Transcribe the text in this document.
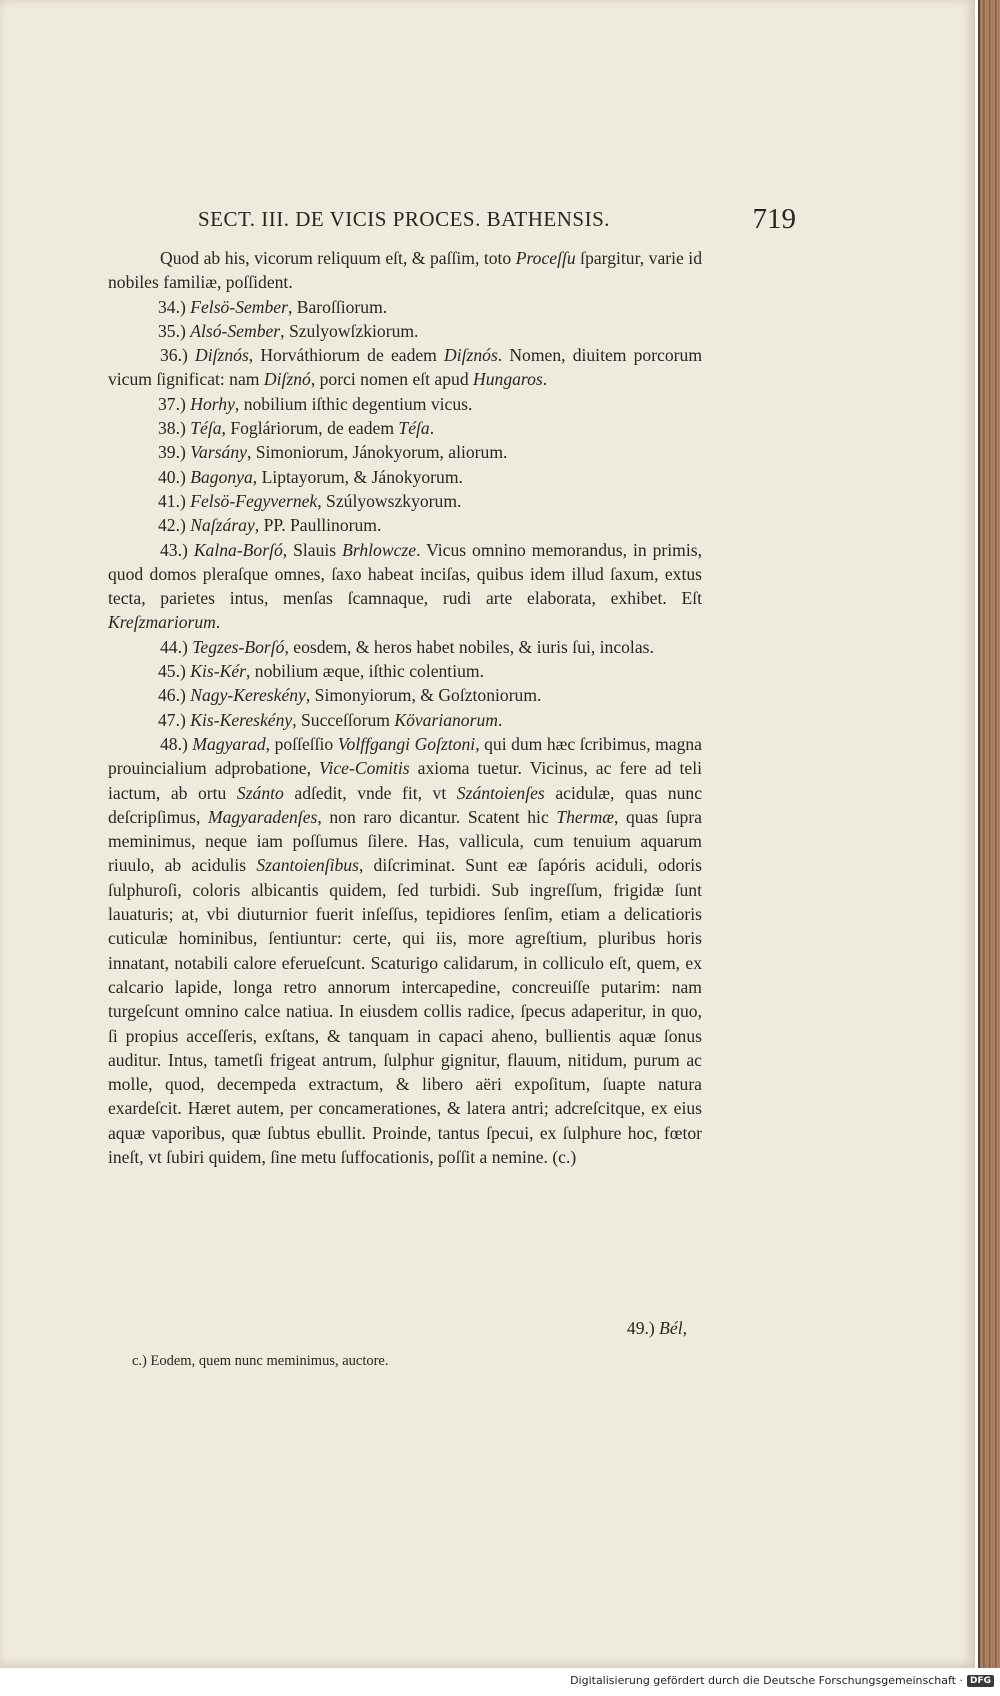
SECT. III. DE VICIS PROCES. BATHENSIS.	719

Quod ab his, vicorum reliquum eſt, & paſſim, toto Proceſſu ſpargitur, varie id nobiles familiæ, poſſident.

34.) Felsö-Sember, Baroſſiorum.

35.) Alsó-Sember, Szulyowſzkiorum.

36.) Diſznós, Horváthiorum de eadem Diſznós. Nomen, diuitem porcorum vicum ſignificat: nam Diſznó, porci nomen eſt apud Hungaros.

37.) Horhy, nobilium iſthic degentium vicus.

38.) Téſa, Fogláriorum, de eadem Téſa.

39.) Varsány, Simoniorum, Jánokyorum, aliorum.

40.) Bagonya, Liptayorum, & Jánokyorum.

41.) Felsö-Fegyvernek, Szúlyowszkyorum.

42.) Naſzáray, PP. Paullinorum.

43.) Kalna-Borſó, Slauis Brhlowcze. Vicus omnino memorandus, in primis, quod domos pleraſque omnes, ſaxo habeat inciſas, quibus idem illud ſaxum, extus tecta, parietes intus, menſas ſcamnaque, rudi arte elaborata, exhibet. Eſt Kreſzmariorum.

44.) Tegzes-Borſó, eosdem, & heros habet nobiles, & iuris ſui, incolas.

45.) Kis-Kér, nobilium æque, iſthic colentium.

46.) Nagy-Kereskény, Simonyiorum, & Goſztoniorum.

47.) Kis-Kereskény, Succeſſorum Kövarianorum.

48.) Magyarad, poſſeſſio Volffgangi Goſztoni, qui dum hæc ſcribimus, magna prouincialium adprobatione, Vice-Comitis axioma tuetur. Vicinus, ac fere ad teli iactum, ab ortu Szánto adſedit, vnde fit, vt Szántoienſes acidulæ, quas nunc deſcripſimus, Magyaradenſes, non raro dicantur. Scatent hic Thermæ, quas ſupra meminimus, neque iam poſſumus ſilere. Has, vallicula, cum tenuium aquarum riuulo, ab acidulis Szantoienſibus, diſcriminat. Sunt eæ ſapóris aciduli, odoris ſulphuroſi, coloris albicantis quidem, ſed turbidi. Sub ingreſſum, frigidæ ſunt lauaturis; at, vbi diuturnior fuerit inſeſſus, tepidiores ſenſim, etiam a delicatioris cuticulæ hominibus, ſentiuntur: certe, qui iis, more agreſtium, pluribus horis innatant, notabili calore eferueſcunt. Scaturigo calidarum, in colliculo eſt, quem, ex calcario lapide, longa retro annorum intercapedine, concreuiſſe putarim: nam turgeſcunt omnino calce natiua. In eiusdem collis radice, ſpecus adaperitur, in quo, ſi propius acceſſeris, exſtans, & tanquam in capaci aheno, bullientis aquæ ſonus auditur. Intus, tametſi frigeat antrum, ſulphur gignitur, flauum, nitidum, purum ac molle, quod, decempeda extractum, & libero aëri expoſitum, ſuapte natura exardeſcit. Hæret autem, per concamerationes, & latera antri; adcreſcitque, ex eius aquæ vaporibus, quæ ſubtus ebullit. Proinde, tantus ſpecui, ex ſulphure hoc, fœtor ineſt, vt ſubiri quidem, ſine metu ſuffocationis, poſſit a nemine. (c.)

49.) Bél,
c.) Eodem, quem nunc meminimus, auctore.
Digitalisierung gefördert durch die Deutsche Forschungsgemeinschaft · DFG
